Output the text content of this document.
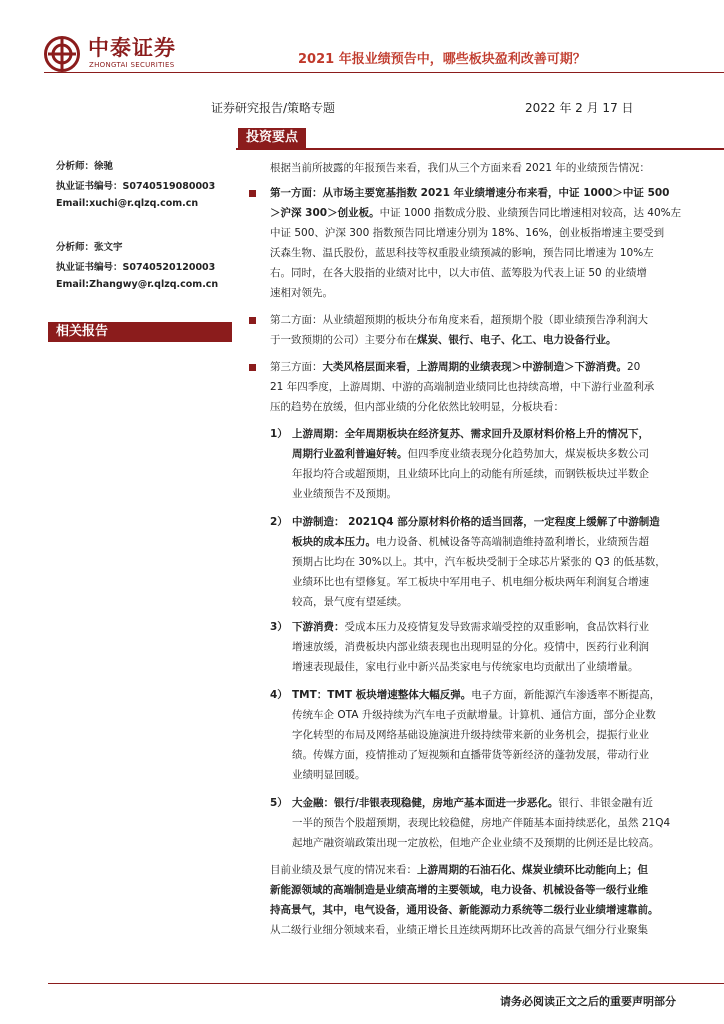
中泰证券
ZHONGTAI SECURITIES	2021 年报业绩预告中，哪些板块盈利改善可期？
证券研究报告/策略专题	2022 年 2 月 17 日
投资要点
分析师：徐驰
执业证书编号：S0740519080003
Email:xuchi@r.qlzq.com.cn
分析师：张文宇
执业证书编号：S0740520120003
Email:Zhangwy@r.qlzq.com.cn
相关报告
根据当前所披露的年报预告来看，我们从三个方面来看 2021 年的业绩预告情况：
第一方面：从市场主要宽基指数 2021 年业绩增速分布来看，中证 1000＞中证 500
＞沪深 300＞创业板。中证 1000 指数成分股、业绩预告同比增速相对较高，达 40%左
中证 500、沪深 300 指数预告同比增速分别为 18%、16%，创业板指增速主要受到
沃森生物、温氏股份，蓝思科技等权重股业绩预减的影响，预告同比增速为 10%左
右。同时，在各大股指的业绩对比中，以大市值、蓝筹股为代表上证 50 的业绩增
速相对领先。
第二方面：从业绩超预期的板块分布角度来看，超预期个股（即业绩预告净利润大
于一致预期的公司）主要分布在煤炭、银行、电子、化工、电力设备行业。
第三方面：大类风格层面来看，上游周期的业绩表现＞中游制造＞下游消费。20
21 年四季度，上游周期、中游的高端制造业绩同比也持续高增，中下游行业盈利承
压的趋势在放缓，但内部业绩的分化依然比较明显，分板块看：
1） 上游周期：全年周期板块在经济复苏、需求回升及原材料价格上升的情况下，
周期行业盈利普遍好转。但四季度业绩表现分化趋势加大，煤炭板块多数公司
年报均符合或超预期，且业绩环比向上的动能有所延续，而钢铁板块过半数企
业业绩预告不及预期。
2） 中游制造： 2021Q4 部分原材料价格的适当回落，一定程度上缓解了中游制造
板块的成本压力。电力设备、机械设备等高端制造维持盈利增长，业绩预告超
预期占比均在 30%以上。其中，汽车板块受制于全球芯片紧张的 Q3 的低基数，
业绩环比也有望修复。军工板块中军用电子、机电细分板块两年利润复合增速
较高，景气度有望延续。
3） 下游消费：受成本压力及疫情复发导致需求端受控的双重影响，食品饮料行业
增速放缓，消费板块内部业绩表现也出现明显的分化。疫情中，医药行业利润
增速表现最佳，家电行业中新兴品类家电与传统家电均贡献出了业绩增量。
4） TMT：TMT 板块增速整体大幅反弹。电子方面，新能源汽车渗透率不断提高，
传统车企 OTA 升级持续为汽车电子贡献增量。计算机、通信方面，部分企业数
字化转型的布局及网络基础设施演进升级持续带来新的业务机会，提振行业业
绩。传媒方面，疫情推动了短视频和直播带货等新经济的蓬勃发展，带动行业
业绩明显回暖。
5） 大金融：银行/非银表现稳健，房地产基本面进一步恶化。银行、非银金融有近
一半的预告个股超预期，表现比较稳健，房地产伴随基本面持续恶化，虽然 21Q4
起地产融资端政策出现一定放松，但地产企业业绩不及预期的比例还是比较高。
目前业绩及景气度的情况来看：上游周期的石油石化、煤炭业绩环比动能向上；但
新能源领域的高端制造是业绩高增的主要领域，电力设备、机械设备等一级行业维
持高景气，其中，电气设备，通用设备、新能源动力系统等二级行业业绩增速靠前。
从二级行业细分领域来看，业绩正增长且连续两期环比改善的高景气细分行业聚集
请务必阅读正文之后的重要声明部分
